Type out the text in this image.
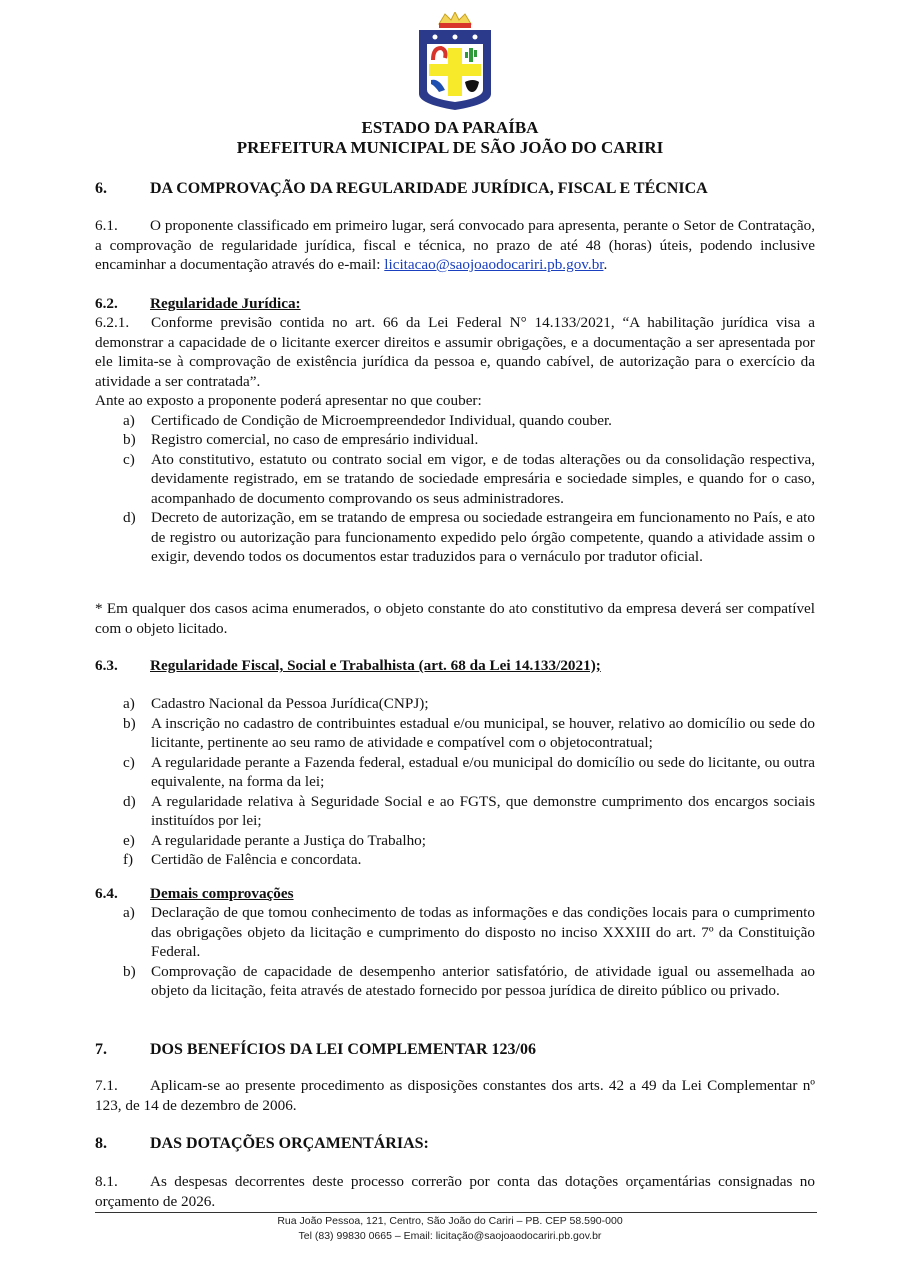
ESTADO DA PARAÍBA
PREFEITURA MUNICIPAL DE SÃO JOÃO DO CARIRI
6.	DA COMPROVAÇÃO DA REGULARIDADE JURÍDICA, FISCAL E TÉCNICA
6.1. O proponente classificado em primeiro lugar, será convocado para apresenta, perante o Setor de Contratação, a comprovação de regularidade jurídica, fiscal e técnica, no prazo de até 48 (horas) úteis, podendo inclusive encaminhar a documentação através do e-mail: licitacao@saojoaodocariri.pb.gov.br.
6.2. Regularidade Jurídica:
6.2.1. Conforme previsão contida no art. 66 da Lei Federal N° 14.133/2021, “A habilitação jurídica visa a demonstrar a capacidade de o licitante exercer direitos e assumir obrigações, e a documentação a ser apresentada por ele limita-se à comprovação de existência jurídica da pessoa e, quando cabível, de autorização para o exercício da atividade a ser contratada”.
Ante ao exposto a proponente poderá apresentar no que couber:
a) Certificado de Condição de Microempreendedor Individual, quando couber.
b) Registro comercial, no caso de empresário individual.
c) Ato constitutivo, estatuto ou contrato social em vigor, e de todas alterações ou da consolidação respectiva, devidamente registrado, em se tratando de sociedade empresária e sociedade simples, e quando for o caso, acompanhado de documento comprovando os seus administradores.
d) Decreto de autorização, em se tratando de empresa ou sociedade estrangeira em funcionamento no País, e ato de registro ou autorização para funcionamento expedido pelo órgão competente, quando a atividade assim o exigir, devendo todos os documentos estar traduzidos para o vernáculo por tradutor oficial.
* Em qualquer dos casos acima enumerados, o objeto constante do ato constitutivo da empresa deverá ser compatível com o objeto licitado.
6.3. Regularidade Fiscal, Social e Trabalhista (art. 68 da Lei 14.133/2021);
a) Cadastro Nacional da Pessoa Jurídica(CNPJ);
b) A inscrição no cadastro de contribuintes estadual e/ou municipal, se houver, relativo ao domicílio ou sede do licitante, pertinente ao seu ramo de atividade e compatível com o objetocontratual;
c) A regularidade perante a Fazenda federal, estadual e/ou municipal do domicílio ou sede do licitante, ou outra equivalente, na forma da lei;
d) A regularidade relativa à Seguridade Social e ao FGTS, que demonstre cumprimento dos encargos sociais instituídos por lei;
e) A regularidade perante a Justiça do Trabalho;
f) Certidão de Falência e concordata.
6.4. Demais comprovações
a) Declaração de que tomou conhecimento de todas as informações e das condições locais para o cumprimento das obrigações objeto da licitação e cumprimento do disposto no inciso XXXIII do art. 7º da Constituição Federal.
b) Comprovação de capacidade de desempenho anterior satisfatório, de atividade igual ou assemelhada ao objeto da licitação, feita através de atestado fornecido por pessoa jurídica de direito público ou privado.
7.	DOS BENEFÍCIOS DA LEI COMPLEMENTAR 123/06
7.1. Aplicam-se ao presente procedimento as disposições constantes dos arts. 42 a 49 da Lei Complementar nº 123, de 14 de dezembro de 2006.
8.	DAS DOTAÇÕES ORÇAMENTÁRIAS:
8.1. As despesas decorrentes deste processo correrão por conta das dotações orçamentárias consignadas no orçamento de 2026.
Rua João Pessoa, 121, Centro, São João do Cariri – PB. CEP 58.590-000
Tel (83) 99830 0665 – Email: licitação@saojoaodocariri.pb.gov.br
